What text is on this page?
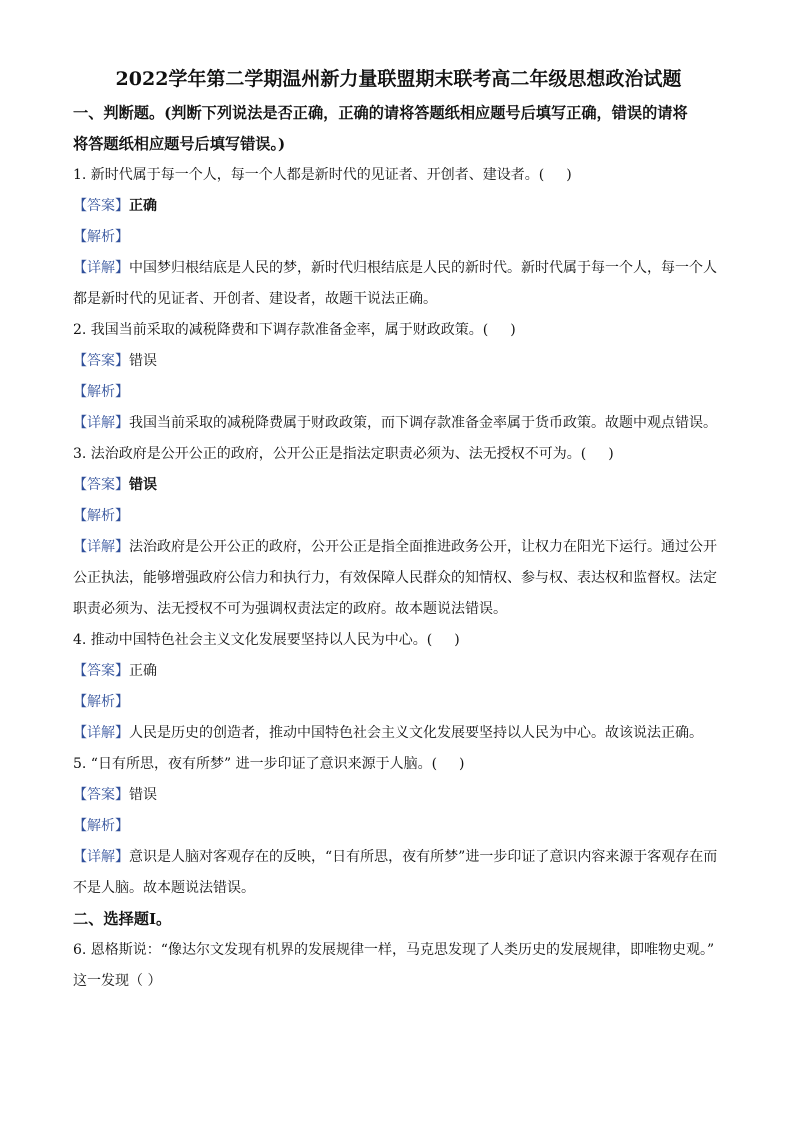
2022学年第二学期温州新力量联盟期末联考高二年级思想政治试题

一、判断题。(判断下列说法是否正确，正确的请将答题纸相应题号后填写正确，错误的请将

将答题纸相应题号后填写错误。)

1. 新时代属于每一个人，每一个人都是新时代的见证者、开创者、建设者。( )

【答案】正确

【解析】

【详解】中国梦归根结底是人民的梦，新时代归根结底是人民的新时代。新时代属于每一个人，每一个人

都是新时代的见证者、开创者、建设者，故题干说法正确。

2. 我国当前采取的减税降费和下调存款准备金率，属于财政政策。( )

【答案】错误

【解析】

【详解】我国当前采取的减税降费属于财政政策，而下调存款准备金率属于货币政策。故题中观点错误。

3. 法治政府是公开公正的政府，公开公正是指法定职责必须为、法无授权不可为。( )

【答案】错误

【解析】

【详解】法治政府是公开公正的政府，公开公正是指全面推进政务公开，让权力在阳光下运行。通过公开

公正执法，能够增强政府公信力和执行力，有效保障人民群众的知情权、参与权、表达权和监督权。法定

职责必须为、法无授权不可为强调权责法定的政府。故本题说法错误。

4. 推动中国特色社会主义文化发展要坚持以人民为中心。( )

【答案】正确

【解析】

【详解】人民是历史的创造者，推动中国特色社会主义文化发展要坚持以人民为中心。故该说法正确。

5. “日有所思，夜有所梦” 进一步印证了意识来源于人脑。( )

【答案】错误

【解析】

【详解】意识是人脑对客观存在的反映，“日有所思，夜有所梦”进一步印证了意识内容来源于客观存在而

不是人脑。故本题说法错误。

二、选择题Ⅰ。

6. 恩格斯说：“像达尔文发现有机界的发展规律一样，马克思发现了人类历史的发展规律，即唯物史观。”

这一发现（ ）
